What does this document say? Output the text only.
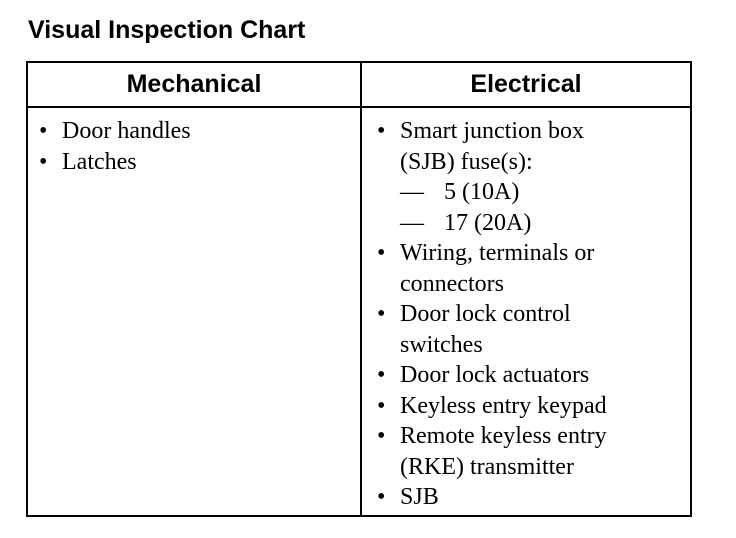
Visual Inspection Chart
Mechanical	Electrical
• Door handles
• Latches
• Smart junction box
(SJB) fuse(s):
— 5 (10A)
— 17 (20A)
• Wiring, terminals or
connectors
• Door lock control
switches
• Door lock actuators
• Keyless entry keypad
• Remote keyless entry
(RKE) transmitter
• SJB
